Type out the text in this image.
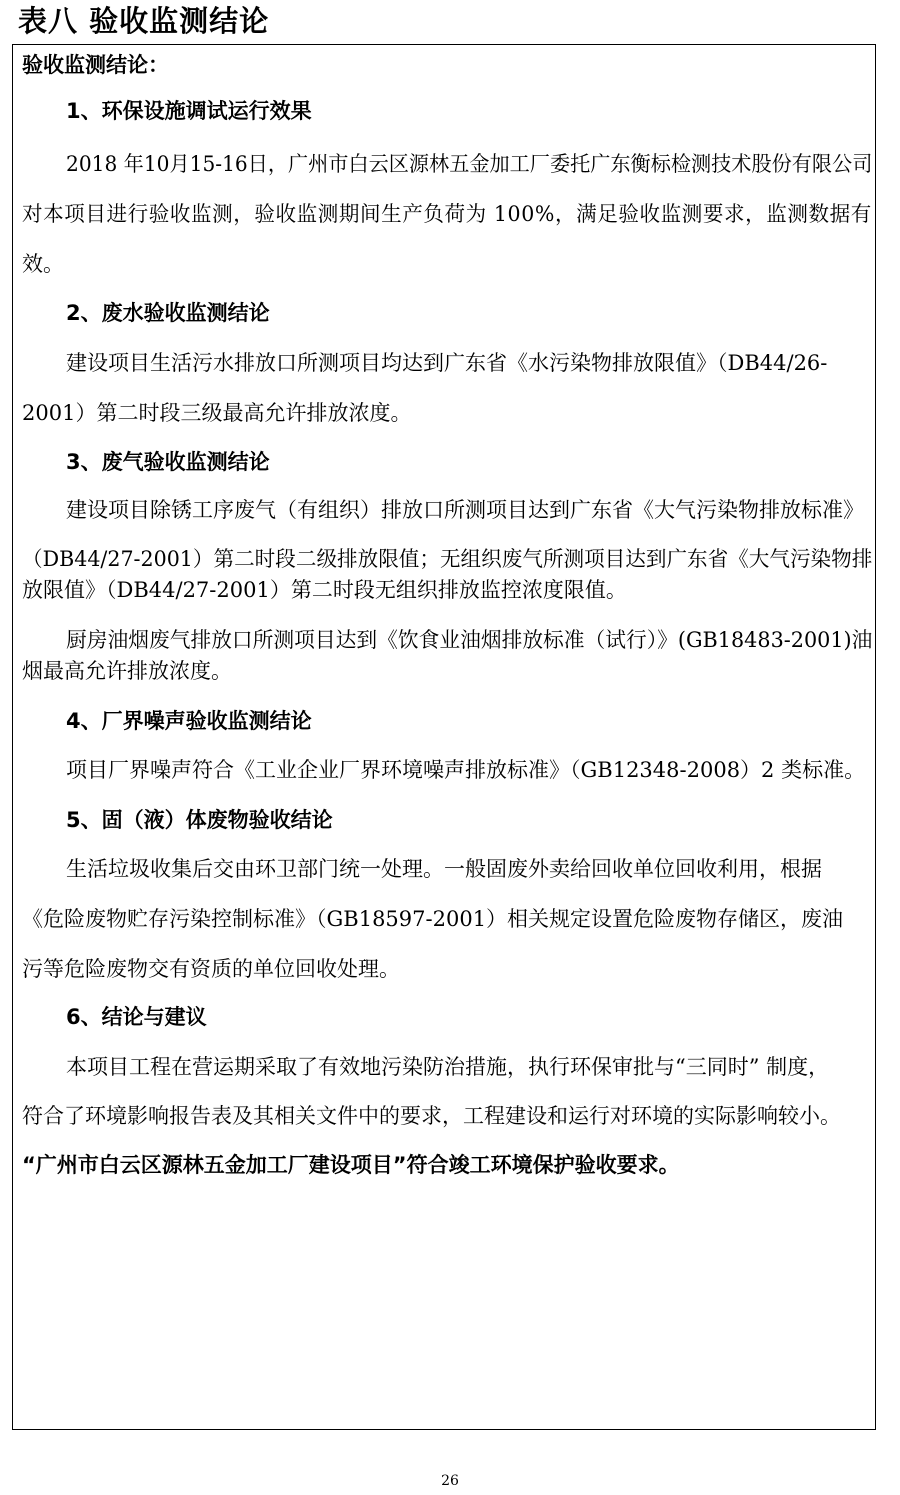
表八 验收监测结论
验收监测结论：
1、环保设施调试运行效果
2018 年10月15-16日，广州市白云区源林五金加工厂委托广东衡标检测技术股份有限公司
对本项目进行验收监测，验收监测期间生产负荷为 100%，满足验收监测要求，监测数据有
效。
2、废水验收监测结论
建设项目生活污水排放口所测项目均达到广东省《水污染物排放限值》（DB44/26-
2001）第二时段三级最高允许排放浓度。
3、废气验收监测结论
建设项目除锈工序废气（有组织）排放口所测项目达到广东省《大气污染物排放标准》
（DB44/27-2001）第二时段二级排放限值；无组织废气所测项目达到广东省《大气污染物排
放限值》（DB44/27-2001）第二时段无组织排放监控浓度限值。
厨房油烟废气排放口所测项目达到《饮食业油烟排放标准（试行）》(GB18483-2001)油
烟最高允许排放浓度。
4、厂界噪声验收监测结论
项目厂界噪声符合《工业企业厂界环境噪声排放标准》（GB12348-2008）2 类标准。
5、固（液）体废物验收结论
生活垃圾收集后交由环卫部门统一处理。一般固废外卖给回收单位回收利用，根据
《危险废物贮存污染控制标准》（GB18597-2001）相关规定设置危险废物存储区，废油
污等危险废物交有资质的单位回收处理。
6、结论与建议
本项目工程在营运期采取了有效地污染防治措施，执行环保审批与“三同时” 制度，
符合了环境影响报告表及其相关文件中的要求，工程建设和运行对环境的实际影响较小。
“广州市白云区源林五金加工厂建设项目”符合竣工环境保护验收要求。
26
